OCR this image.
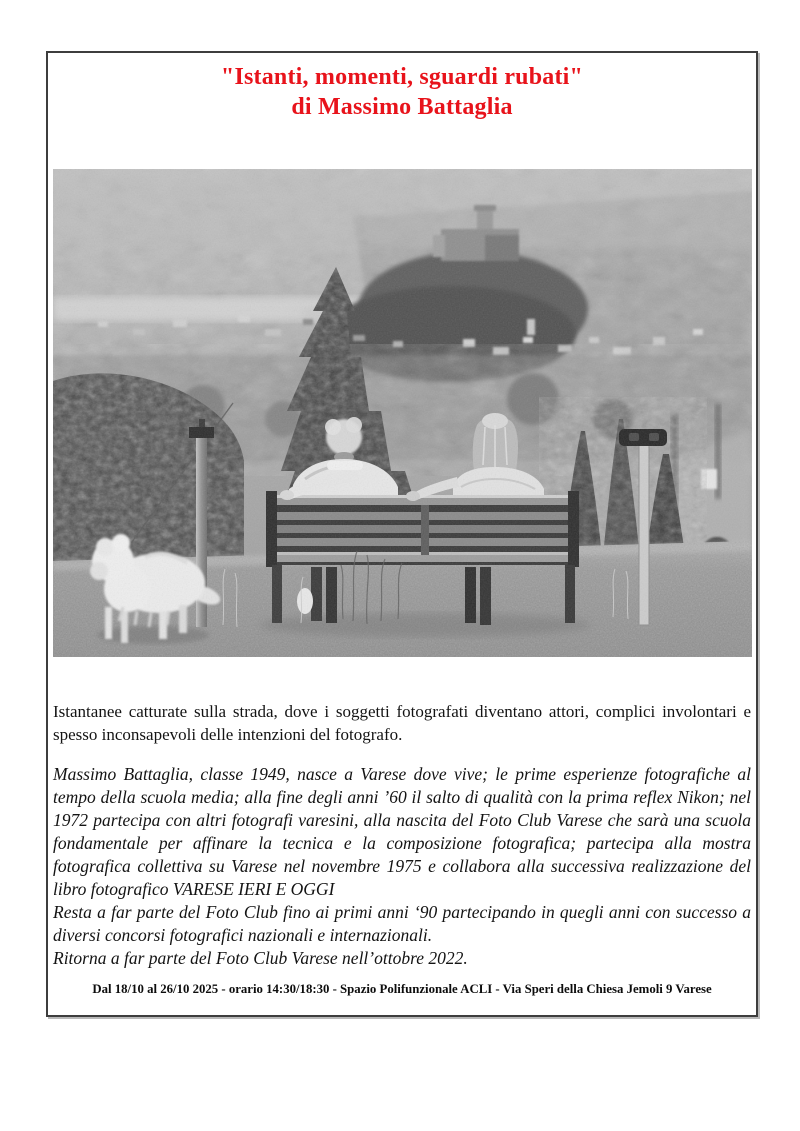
"Istanti, momenti, sguardi rubati"
di Massimo Battaglia

Istantanee catturate sulla strada, dove i soggetti fotografati diventano attori, complici involontari e spesso inconsapevoli delle intenzioni del fotografo.

Massimo Battaglia, classe 1949, nasce a Varese dove vive; le prime esperienze fotografiche al tempo della scuola media; alla fine degli anni ’60 il salto di qualità con la prima reflex Nikon; nel 1972 partecipa con altri fotografi varesini, alla nascita del Foto Club Varese che sarà una scuola fondamentale per affinare la tecnica e la composizione fotografica; partecipa alla mostra fotografica collettiva su Varese nel novembre 1975 e collabora alla successiva realizzazione del libro fotografico VARESE IERI E OGGI

Resta a far parte del Foto Club fino ai primi anni ‘90 partecipando in quegli anni con successo a diversi concorsi fotografici nazionali e internazionali.

Ritorna a far parte del Foto Club Varese nell’ottobre 2022.

Dal 18/10 al 26/10 2025 - orario 14:30/18:30 - Spazio Polifunzionale ACLI - Via Speri della Chiesa Jemoli 9 Varese
